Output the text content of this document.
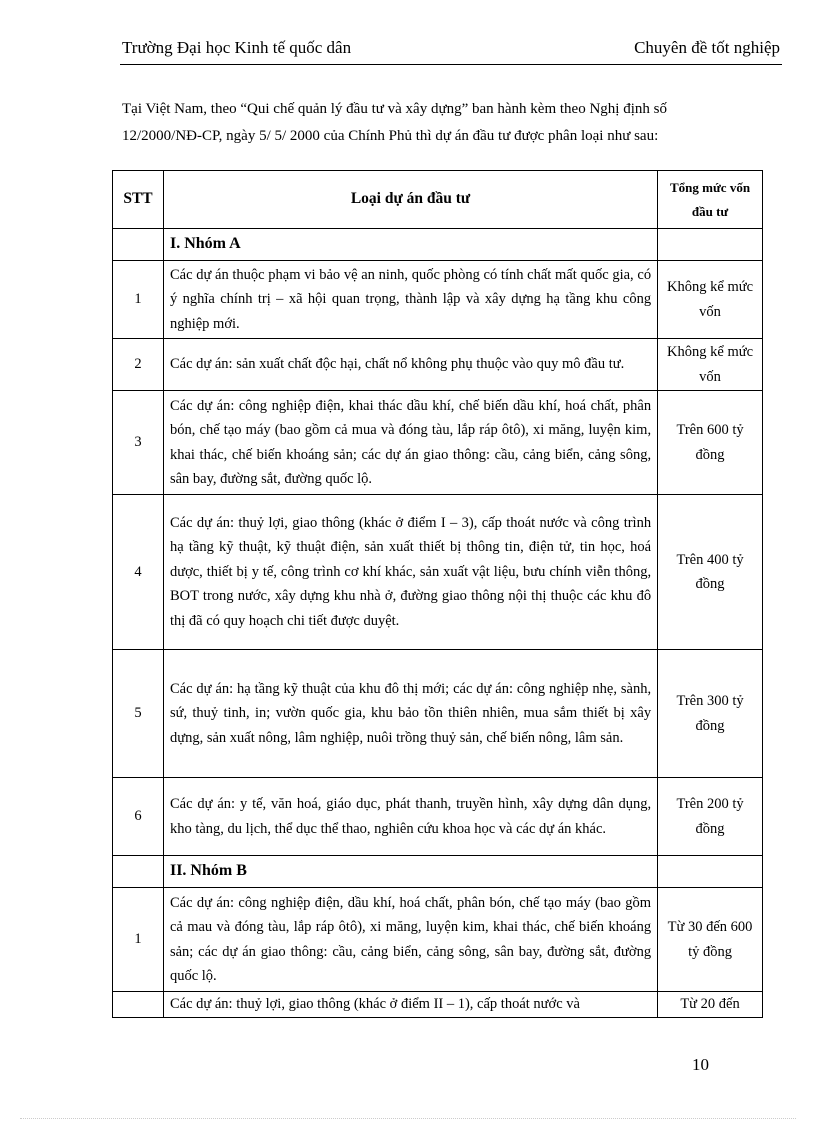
Trường Đại học Kinh tế quốc dân	Chuyên đề tốt nghiệp

Tại Việt Nam, theo “Qui chế quản lý đầu tư và xây dựng” ban hành kèm theo Nghị định số 12/2000/NĐ-CP, ngày 5/ 5/ 2000 của Chính Phủ thì dự án đầu tư được phân loại như sau:

STT	Loại dự án đầu tư	Tổng mức vốn đầu tư
	I. Nhóm A	
1	Các dự án thuộc phạm vi bảo vệ an ninh, quốc phòng có tính chất mất quốc gia, có ý nghĩa chính trị – xã hội quan trọng, thành lập và xây dựng hạ tầng khu công nghiệp mới.	Không kể mức vốn
2	Các dự án: sản xuất chất độc hại, chất nổ không phụ thuộc vào quy mô đầu tư.	Không kể mức vốn
3	Các dự án: công nghiệp điện, khai thác dầu khí, chế biến dầu khí, hoá chất, phân bón, chế tạo máy (bao gồm cả mua và đóng tàu, lắp ráp ôtô), xi măng, luyện kim, khai thác, chế biến khoáng sản; các dự án giao thông: cầu, cảng biển, cảng sông, sân bay, đường sắt, đường quốc lộ.	Trên 600 tỷ đồng
4	Các dự án: thuỷ lợi, giao thông (khác ở điểm I – 3), cấp thoát nước và công trình hạ tầng kỹ thuật, kỹ thuật điện, sản xuất thiết bị thông tin, điện tử, tin học, hoá dược, thiết bị y tế, công trình cơ khí khác, sản xuất vật liệu, bưu chính viễn thông, BOT trong nước, xây dựng khu nhà ở, đường giao thông nội thị thuộc các khu đô thị đã có quy hoạch chi tiết được duyệt.	Trên 400 tỷ đồng
5	Các dự án: hạ tầng kỹ thuật của khu đô thị mới; các dự án: công nghiệp nhẹ, sành, sứ, thuỷ tinh, in; vườn quốc gia, khu bảo tồn thiên nhiên, mua sắm thiết bị xây dựng, sản xuất nông, lâm nghiệp, nuôi trồng thuỷ sản, chế biến nông, lâm sản.	Trên 300 tỷ đồng
6	Các dự án: y tế, văn hoá, giáo dục, phát thanh, truyền hình, xây dựng dân dụng, kho tàng, du lịch, thể dục thể thao, nghiên cứu khoa học và các dự án khác.	Trên 200 tỷ đồng
	II. Nhóm B	
1	Các dự án: công nghiệp điện, dầu khí, hoá chất, phân bón, chế tạo máy (bao gồm cả mau và đóng tàu, lắp ráp ôtô), xi măng, luyện kim, khai thác, chế biến khoáng sản; các dự án giao thông: cầu, cảng biển, cảng sông, sân bay, đường sắt, đường quốc lộ.	Từ 30 đến 600 tỷ đồng
	Các dự án: thuỷ lợi, giao thông (khác ở điểm II – 1), cấp thoát nước và	Từ 20 đến
10
